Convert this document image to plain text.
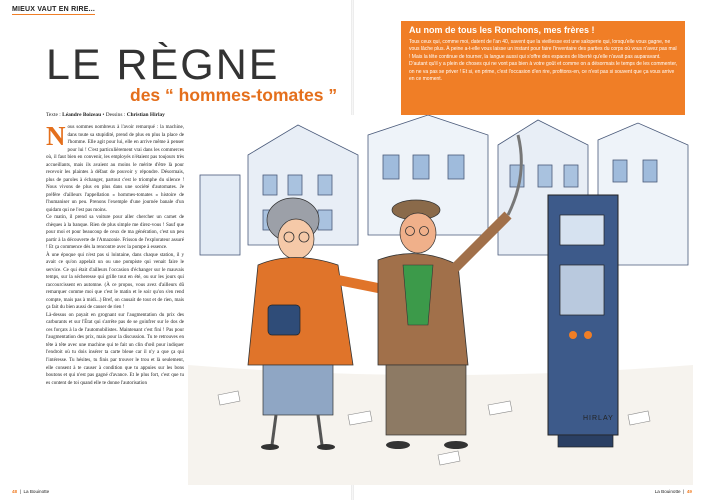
MIEUX VAUT EN RIRE...
LE RÈGNE
des “ hommes-tomates ”
Texte : Léandre Boizeau • Dessins : Christian Hirlay
N ous sommes nombreux à l'avoir remarqué : la machine, dans toute sa stupidité, prend de plus en plus la place de l'homme. Elle agit pour lui, elle en arrive même à penser pour lui ! C'est particulièrement vrai dans les commerces où, il faut bien en convenir, les employés n'étaient pas toujours très accueillants, mais ils avaient au moins le mérite d'être là pour recevoir les plaintes à défaut de pouvoir y répondre. Désormais, plus de paroles à échanger, partout c'est le triomphe du silence ! Nous vivons de plus en plus dans une société d'automates. Je préfère d'ailleurs l'appellation « hommes-tomates » histoire de l'humaniser un peu. Prenons l'exemple d'une journée banale d'un quidam qui ne l'est pas moins.

Ce matin, il prend sa voiture pour aller chercher un carnet de chèques à la banque. Rien de plus simple me direz-vous ! Sauf que pour moi et pour beaucoup de ceux de ma génération, c'est un peu partir à la découverte de l'Amazonie. Frisson de l'explorateur assuré ! Et ça commence dès la rencontre avec la pompe à essence.

À une époque qui n'est pas si lointaine, dans chaque station, il y avait ce qu'on appelait un ou une pompiste qui venait faire le service. Ce qui était d'ailleurs l'occasion d'échanger sur le mauvais temps, sur la sécheresse qui grille tout en été, ou sur les jours qui raccourcissent en automne. (À ce propos, vous avez d'ailleurs dû remarquer comme moi que c'est le matin et le soir qu'on s'en rend compte, mais pas à midi...) Bref, on causait de tout et de rien, mais ça fait du bien aussi de causer de rien !

Là-dessus on payait en grognant sur l'augmentation du prix des carburants et sur l'État qui s'arrête pas de se goinfrer sur le dos de ces forçats à la de l'automobilistes. Maintenant c'est fini ! Pas pour l'augmentation des prix, mais pour la discussion. Tu te retrouves en tête à tête avec une machine qui te fait un clin d'œil pour indiquer l'endroit où tu dois insérer ta carte bleue car il n'y a que ça qui l'intéresse. Tu hésites, tu finis par trouver le trou et là seulement, elle consent à te causer à condition que tu appuies sur les bons boutons et qui n'est pas gagné d'avance. Et le plus fort, c'est que tu es content de toi quand elle te donne l'autorisation

Au nom de tous les Ronchons, mes frères !
Tous ceux qui, comme moi, datent de l'an 40, savent que la vieillesse est une saloperie qui, lorsqu'elle vous gagne, ne vous lâche plus. À peine a-t-elle vous laisse un instant pour faire l'inventaire des parties du corps où vous n'avez pas mal ! Mais la tête continue de tourner, la langue aussi qui s'offre des espaces de liberté qu'elle n'avait pas auparavant. D'autant qu'il y a plein de choses qui ne vont pas bien à votre goût et comme on a désormais le temps de les commenter, on ne va pas se priver ! Et si, en prime, c'est l'occasion d'en rire, profitons-en, ce n'est pas si souvent que ça vous arrive en ce moment.
HIRLAY
48  |  La Bouinotte	La Bouinotte  |  49
